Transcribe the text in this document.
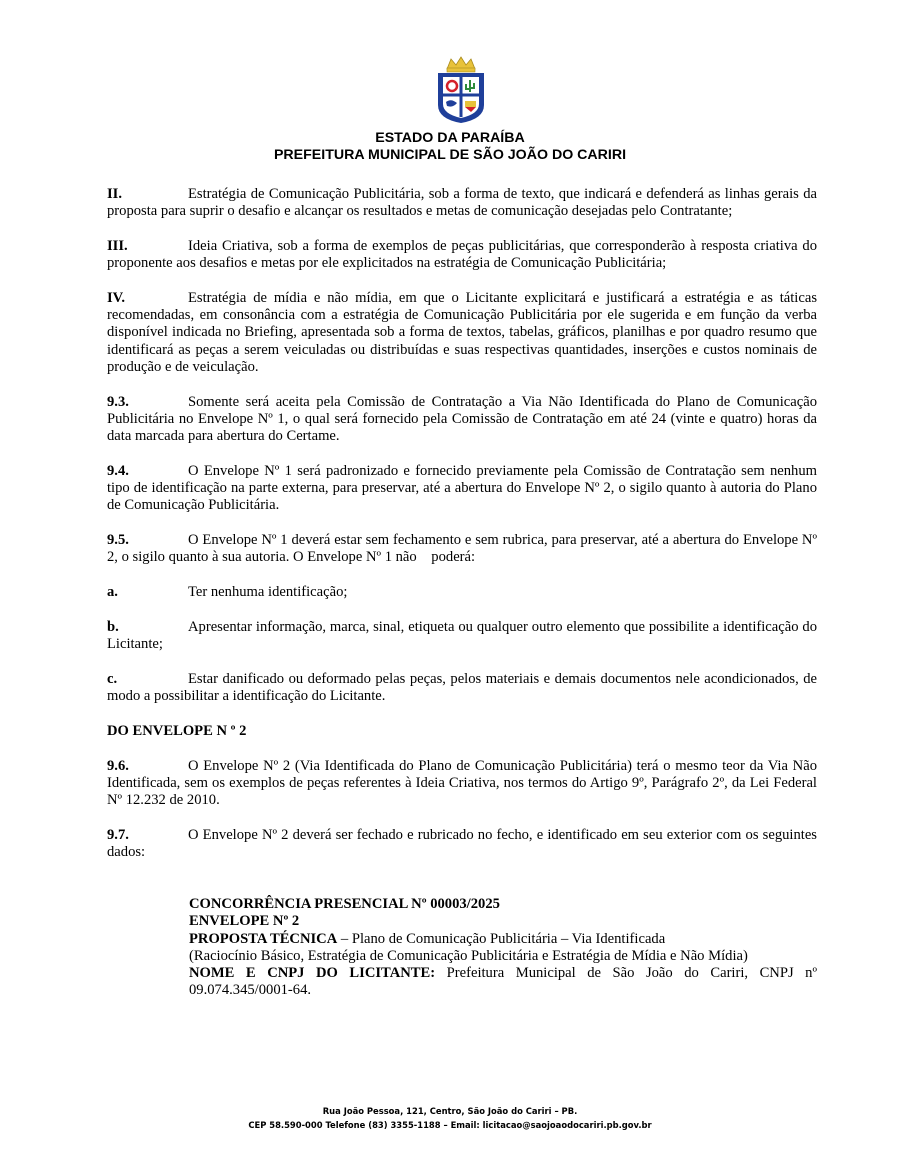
ESTADO DA PARAÍBA
PREFEITURA MUNICIPAL DE SÃO JOÃO DO CARIRI

II.	Estratégia de Comunicação Publicitária, sob a forma de texto, que indicará e defenderá as linhas gerais da proposta para suprir o desafio e alcançar os resultados e metas de comunicação desejadas pelo Contratante;

III.	Ideia Criativa, sob a forma de exemplos de peças publicitárias, que corresponderão à resposta criativa do proponente aos desafios e metas por ele explicitados na estratégia de Comunicação Publicitária;

IV.	Estratégia de mídia e não mídia, em que o Licitante explicitará e justificará a estratégia e as táticas recomendadas, em consonância com a estratégia de Comunicação Publicitária por ele sugerida e em função da verba disponível indicada no Briefing, apresentada sob a forma de textos, tabelas, gráficos, planilhas e por quadro resumo que identificará as peças a serem veiculadas ou distribuídas e suas respectivas quantidades, inserções e custos nominais de produção e de veiculação.

9.3.	Somente será aceita pela Comissão de Contratação a Via Não Identificada do Plano de Comunicação Publicitária no Envelope Nº 1, o qual será fornecido pela Comissão de Contratação em até 24 (vinte e quatro) horas da data marcada para abertura do Certame.

9.4.	O Envelope Nº 1 será padronizado e fornecido previamente pela Comissão de Contratação sem nenhum tipo de identificação na parte externa, para preservar, até a abertura do Envelope Nº 2, o sigilo quanto à autoria do Plano de Comunicação Publicitária.

9.5.	O Envelope Nº 1 deverá estar sem fechamento e sem rubrica, para preservar, até a abertura do Envelope Nº 2, o sigilo quanto à sua autoria. O Envelope Nº 1 não    poderá:

a.	Ter nenhuma identificação;

b.	Apresentar informação, marca, sinal, etiqueta ou qualquer outro elemento que possibilite a identificação do Licitante;

c.	Estar danificado ou deformado pelas peças, pelos materiais e demais documentos nele acondicionados, de modo a possibilitar a identificação do Licitante.

DO ENVELOPE N º 2

9.6.	O Envelope Nº 2 (Via Identificada do Plano de Comunicação Publicitária) terá o mesmo teor da Via Não Identificada, sem os exemplos de peças referentes à Ideia Criativa, nos termos do Artigo 9º, Parágrafo 2º, da Lei Federal Nº 12.232 de 2010.

9.7.	O Envelope Nº 2 deverá ser fechado e rubricado no fecho, e identificado em seu exterior com os seguintes dados:

CONCORRÊNCIA PRESENCIAL Nº 00003/2025
ENVELOPE Nº 2
PROPOSTA TÉCNICA – Plano de Comunicação Publicitária – Via Identificada
(Raciocínio Básico, Estratégia de Comunicação Publicitária e Estratégia de Mídia e Não Mídia)
NOME E CNPJ DO LICITANTE: Prefeitura Municipal de São João do Cariri, CNPJ nº 09.074.345/0001-64.
Rua João Pessoa, 121, Centro, São João do Cariri – PB.
CEP 58.590-000 Telefone (83) 3355-1188 – Email: licitacao@saojoaodocariri.pb.gov.br
